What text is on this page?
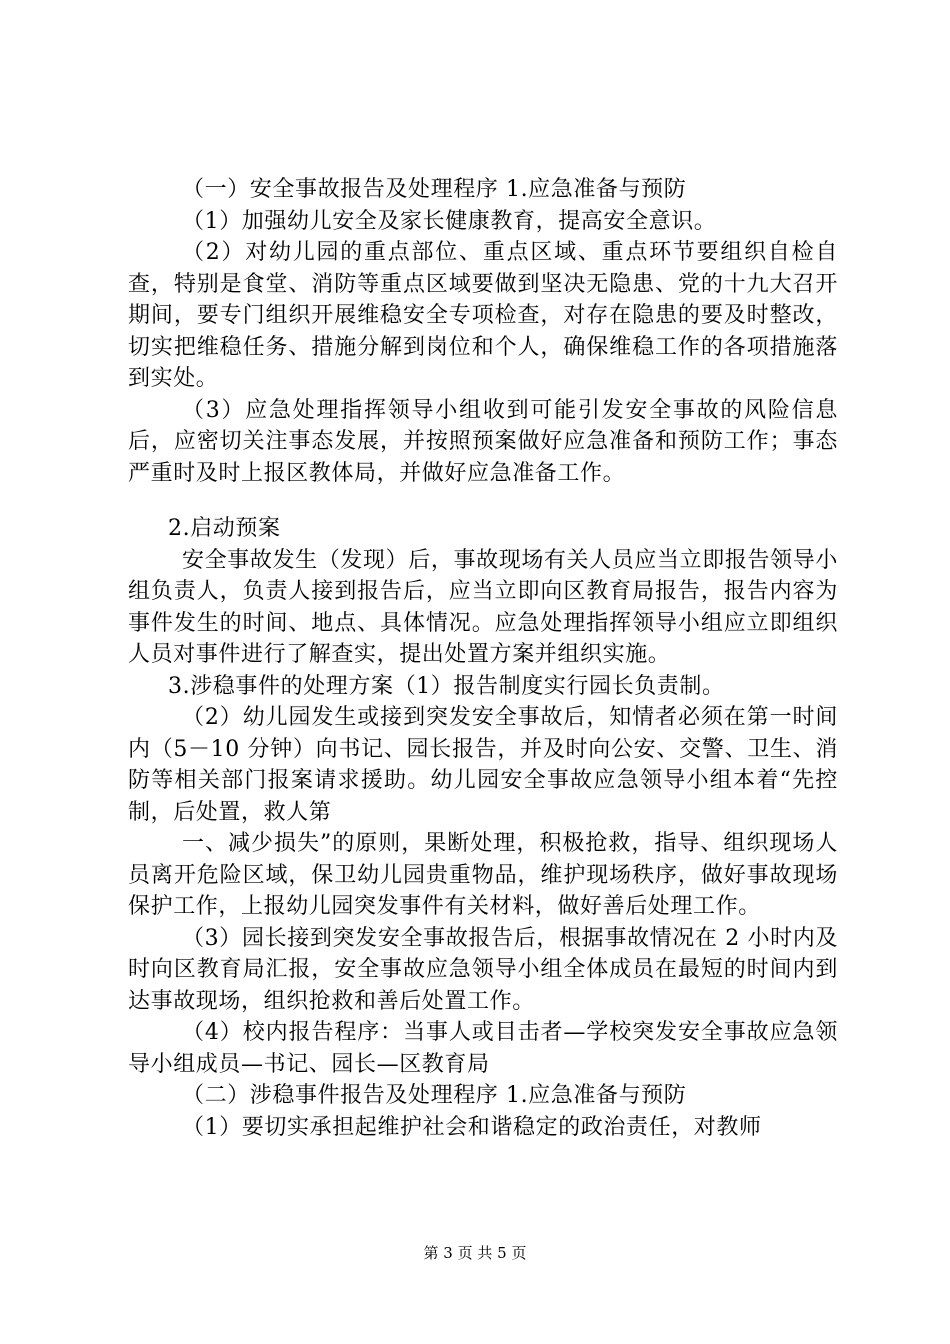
（一）安全事故报告及处理程序 1.应急准备与预防

（1）加强幼儿安全及家长健康教育，提高安全意识。

（2）对幼儿园的重点部位、重点区域、重点环节要组织自检自查，特别是食堂、消防等重点区域要做到坚决无隐患、党的十九大召开期间，要专门组织开展维稳安全专项检查，对存在隐患的要及时整改，切实把维稳任务、措施分解到岗位和个人，确保维稳工作的各项措施落到实处。

（3）应急处理指挥领导小组收到可能引发安全事故的风险信息后，应密切关注事态发展，并按照预案做好应急准备和预防工作；事态严重时及时上报区教体局，并做好应急准备工作。

2.启动预案

安全事故发生（发现）后，事故现场有关人员应当立即报告领导小组负责人，负责人接到报告后，应当立即向区教育局报告，报告内容为事件发生的时间、地点、具体情况。应急处理指挥领导小组应立即组织人员对事件进行了解查实，提出处置方案并组织实施。

3.涉稳事件的处理方案（1）报告制度实行园长负责制。

（2）幼儿园发生或接到突发安全事故后，知情者必须在第一时间内（5－10 分钟）向书记、园长报告，并及时向公安、交警、卫生、消防等相关部门报案请求援助。幼儿园安全事故应急领导小组本着“先控制，后处置，救人第

一、减少损失”的原则，果断处理，积极抢救，指导、组织现场人员离开危险区域，保卫幼儿园贵重物品，维护现场秩序，做好事故现场保护工作，上报幼儿园突发事件有关材料，做好善后处理工作。

（3）园长接到突发安全事故报告后，根据事故情况在 2 小时内及时向区教育局汇报，安全事故应急领导小组全体成员在最短的时间内到达事故现场，组织抢救和善后处置工作。

（4）校内报告程序：当事人或目击者—学校突发安全事故应急领导小组成员—书记、园长—区教育局

（二）涉稳事件报告及处理程序 1.应急准备与预防

（1）要切实承担起维护社会和谐稳定的政治责任，对教师

第 3 页 共 5 页
